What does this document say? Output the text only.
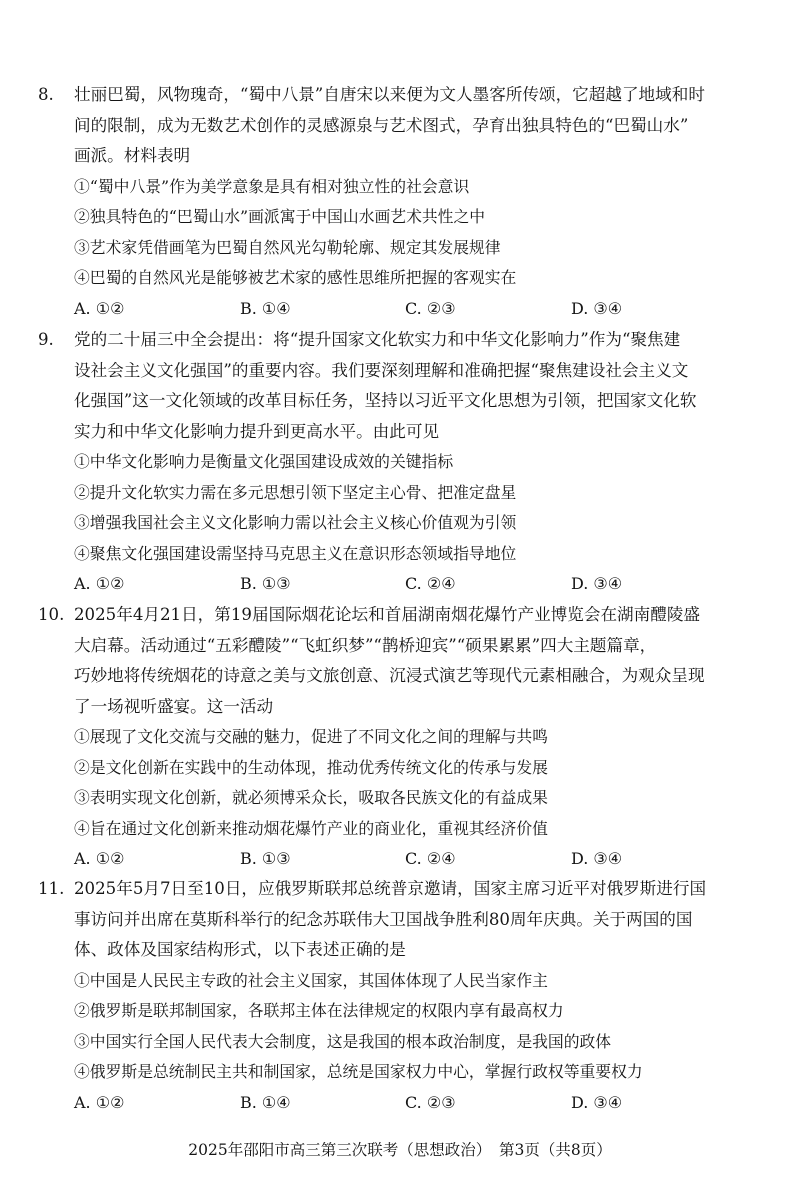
8. 壮丽巴蜀，风物瑰奇，“蜀中八景”自唐宋以来便为文人墨客所传颂，它超越了地域和时
间的限制，成为无数艺术创作的灵感源泉与艺术图式，孕育出独具特色的“巴蜀山水”
画派。材料表明
①“蜀中八景”作为美学意象是具有相对独立性的社会意识
②独具特色的“巴蜀山水”画派寓于中国山水画艺术共性之中
③艺术家凭借画笔为巴蜀自然风光勾勒轮廓、规定其发展规律
④巴蜀的自然风光是能够被艺术家的感性思维所把握的客观实在
A. ①②	B. ①④	C. ②③	D. ③④
9. 党的二十届三中全会提出：将“提升国家文化软实力和中华文化影响力”作为“聚焦建
设社会主义文化强国”的重要内容。我们要深刻理解和准确把握“聚焦建设社会主义文
化强国”这一文化领域的改革目标任务，坚持以习近平文化思想为引领，把国家文化软
实力和中华文化影响力提升到更高水平。由此可见
①中华文化影响力是衡量文化强国建设成效的关键指标
②提升文化软实力需在多元思想引领下坚定主心骨、把准定盘星
③增强我国社会主义文化影响力需以社会主义核心价值观为引领
④聚焦文化强国建设需坚持马克思主义在意识形态领域指导地位
A. ①②	B. ①③	C. ②④	D. ③④
10. 2025年4月21日，第19届国际烟花论坛和首届湖南烟花爆竹产业博览会在湖南醴陵盛
大启幕。活动通过“五彩醴陵”“飞虹织梦”“鹊桥迎宾”“硕果累累”四大主题篇章，
巧妙地将传统烟花的诗意之美与文旅创意、沉浸式演艺等现代元素相融合，为观众呈现
了一场视听盛宴。这一活动
①展现了文化交流与交融的魅力，促进了不同文化之间的理解与共鸣
②是文化创新在实践中的生动体现，推动优秀传统文化的传承与发展
③表明实现文化创新，就必须博采众长，吸取各民族文化的有益成果
④旨在通过文化创新来推动烟花爆竹产业的商业化，重视其经济价值
A. ①②	B. ①③	C. ②④	D. ③④
11. 2025年5月7日至10日，应俄罗斯联邦总统普京邀请，国家主席习近平对俄罗斯进行国
事访问并出席在莫斯科举行的纪念苏联伟大卫国战争胜利80周年庆典。关于两国的国
体、政体及国家结构形式，以下表述正确的是
①中国是人民民主专政的社会主义国家，其国体体现了人民当家作主
②俄罗斯是联邦制国家，各联邦主体在法律规定的权限内享有最高权力
③中国实行全国人民代表大会制度，这是我国的根本政治制度，是我国的政体
④俄罗斯是总统制民主共和制国家，总统是国家权力中心，掌握行政权等重要权力
A. ①②	B. ①④	C. ②③	D. ③④
2025年邵阳市高三第三次联考（思想政治）　第3页（共8页）
